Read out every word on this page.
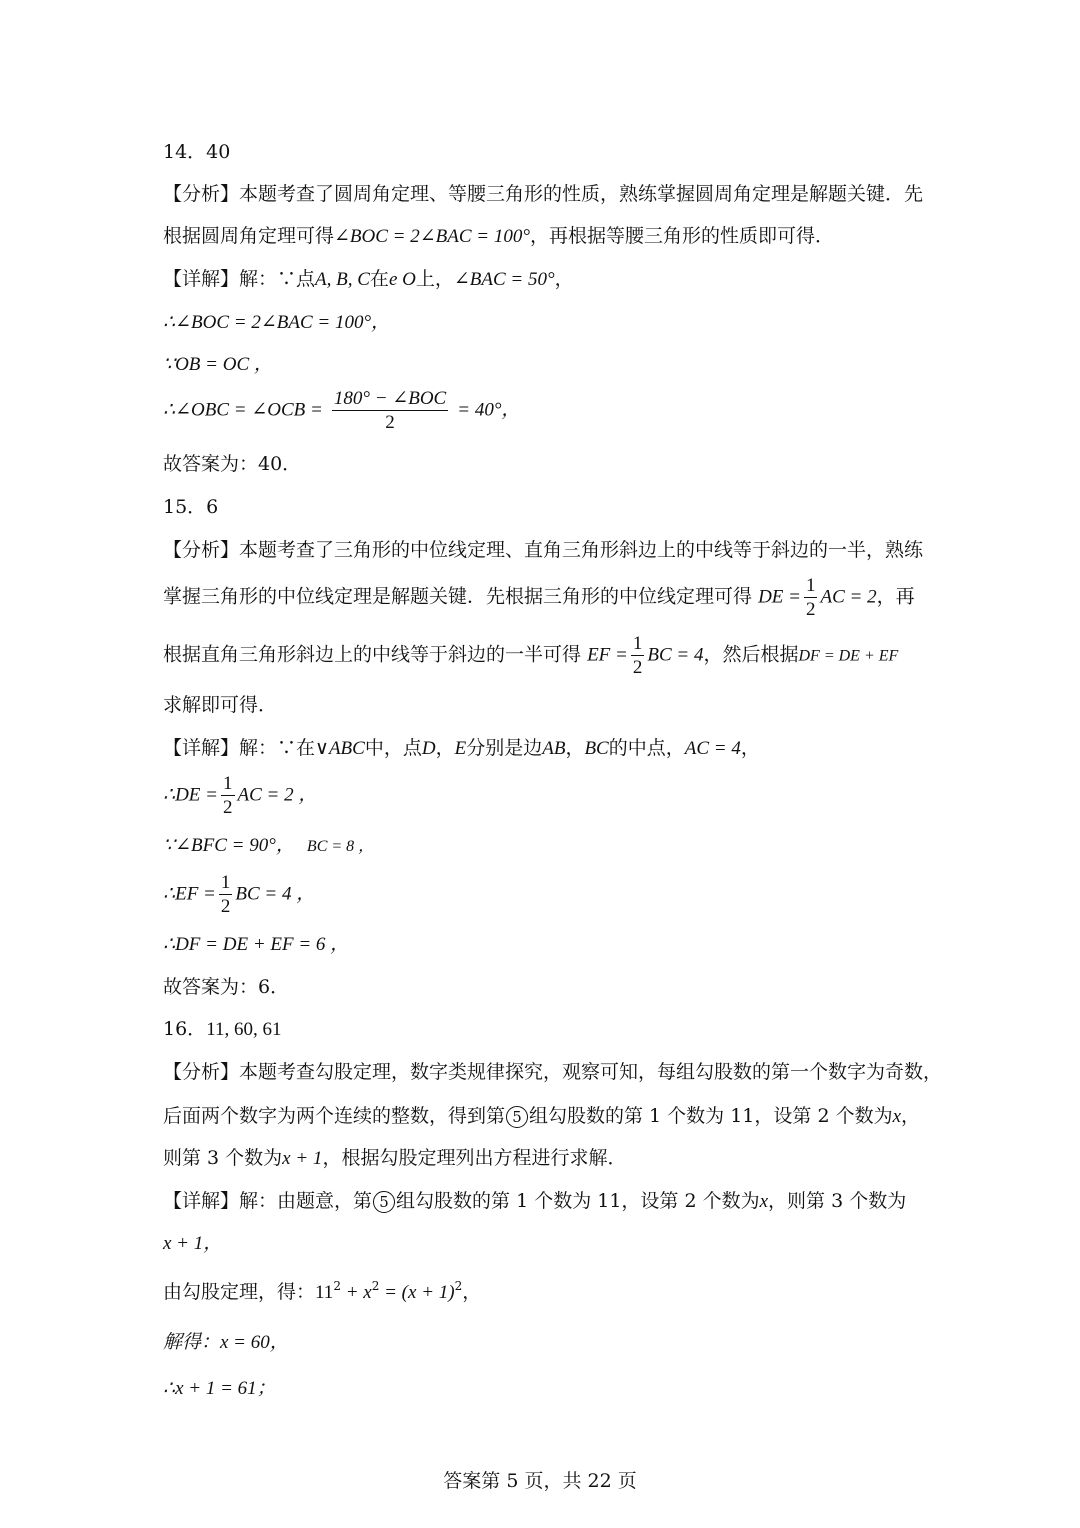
14．40
【分析】本题考查了圆周角定理、等腰三角形的性质，熟练掌握圆周角定理是解题关键．先
根据圆周角定理可得∠BOC = 2∠BAC = 100°，再根据等腰三角形的性质即可得．
【详解】解：∵点A, B, C在e O上，∠BAC = 50°，
∴∠BOC = 2∠BAC = 100°，
∵OB = OC ，
∴∠OBC = ∠OCB = $\frac{\text{180° − ∠BOC}}{2} = 40^\circ$，
故答案为：40．
15．6
【分析】本题考查了三角形的中位线定理、直角三角形斜边上的中线等于斜边的一半，熟练
掌握三角形的中位线定理是解题关键．先根据三角形的中位线定理可得 DE = $\frac{1}{2}$ AC = 2，再
根据直角三角形斜边上的中线等于斜边的一半可得 EF = $\frac{1}{2}$ BC = 4，然后根据DF = DE + EF
求解即可得．
【详解】解：∵在∨ABC中，点D，E分别是边AB，BC的中点，AC = 4，
∴DE = $\frac{1}{2}$ AC = 2 ，
∵∠BFC = 90°， BC = 8 ，
∴EF = $\frac{1}{2}$ BC = 4 ，
∴DF = DE + EF = 6 ，
故答案为：6．
16．11, 60, 61
【分析】本题考查勾股定理，数字类规律探究，观察可知，每组勾股数的第一个数字为奇数，
后面两个数字为两个连续的整数，得到第 5 组勾股数的第 1 个数为 11，设第 2 个数为x，
则第 3 个数为x + 1，根据勾股定理列出方程进行求解．
【详解】解：由题意，第 5 组勾股数的第 1 个数为 11，设第 2 个数为x，则第 3 个数为
x + 1，
由勾股定理，得：$11^2 + x^2 = (x + 1)^2$，
解得：x = 60，
∴x + 1 = 61；
答案第 5 页，共 22 页
